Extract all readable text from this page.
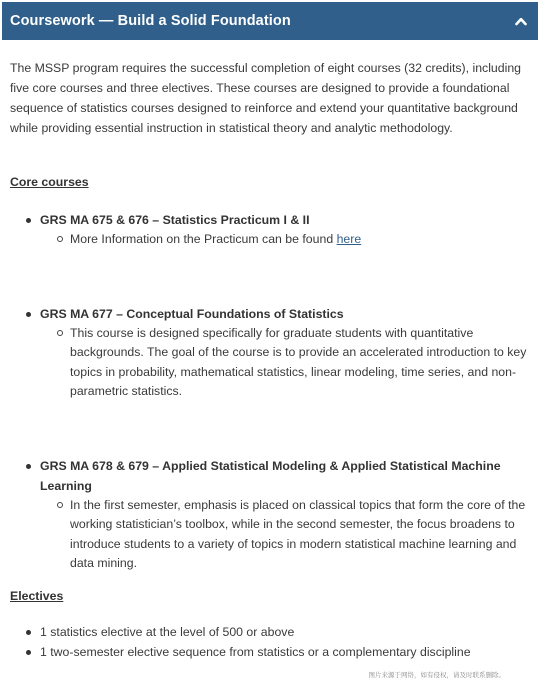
Coursework — Build a Solid Foundation

The MSSP program requires the successful completion of eight courses (32 credits), including five core courses and three electives. These courses are designed to provide a foundational sequence of statistics courses designed to reinforce and extend your quantitative background while providing essential instruction in statistical theory and analytic methodology.

Core courses

GRS MA 675 & 676 – Statistics Practicum I & II
More Information on the Practicum can be found here
GRS MA 677 – Conceptual Foundations of Statistics
This course is designed specifically for graduate students with quantitative backgrounds. The goal of the course is to provide an accelerated introduction to key topics in probability, mathematical statistics, linear modeling, time series, and non-parametric statistics.
GRS MA 678 & 679 – Applied Statistical Modeling & Applied Statistical Machine Learning
In the first semester, emphasis is placed on classical topics that form the core of the working statistician’s toolbox, while in the second semester, the focus broadens to introduce students to a variety of topics in modern statistical machine learning and data mining.

Electives

1 statistics elective at the level of 500 or above
1 two-semester elective sequence from statistics or a complementary discipline
图片来源于网络，如有侵权，请及时联系删除。
